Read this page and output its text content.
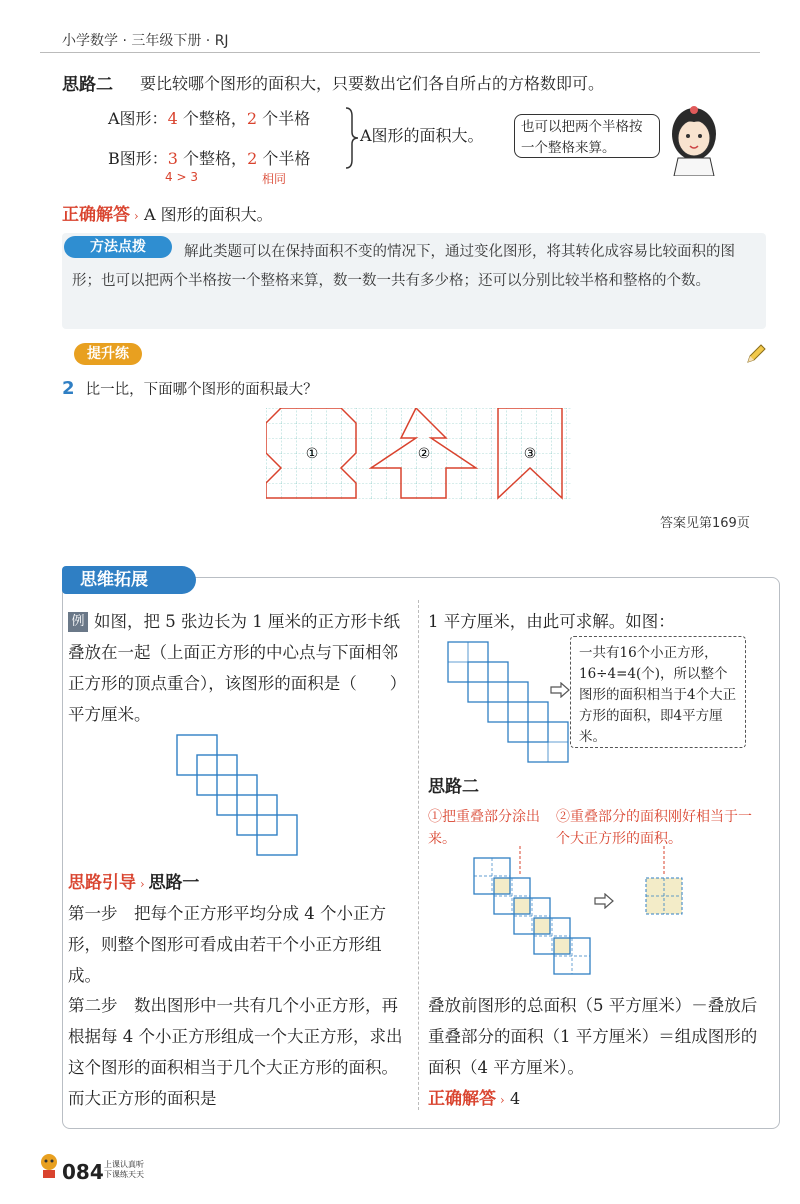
小学数学 · 三年级下册 · RJ
思路二 要比较哪个图形的面积大，只要数出它们各自所占的方格数即可。
A图形：4 个整格，2 个半格
B图形：3 个整格，2 个半格
4 > 3	相同
A图形的面积大。	也可以把两个半格按一个整格来算。
正确解答 › A 图形的面积大。
解此类题可以在保持面积不变的情况下，通过变化图形，将其转化成容易比较面积的图形；也可以把两个半格按一个整格来算，数一数一共有多少格；还可以分别比较半格和整格的个数。
方法点拨
提升练
2 比一比，下面哪个图形的面积最大？
①	②	③
答案见第169页
思维拓展
例 如图，把 5 张边长为 1 厘米的正方形卡纸叠放在一起（上面正方形的中心点与下面相邻正方形的顶点重合），该图形的面积是（　　）平方厘米。
思路引导 › 思路一
第一步　把每个正方形平均分成 4 个小正方形，则整个图形可看成由若干个小正方形组成。
第二步　数出图形中一共有几个小正方形，再根据每 4 个小正方形组成一个大正方形，求出这个图形的面积相当于几个大正方形的面积。而大正方形的面积是
1 平方厘米，由此可求解。如图：
一共有16个小正方形，16÷4=4(个)，所以整个图形的面积相当于4个大正方形的面积，即4平方厘米。
思路二
①把重叠部分涂出来。
②重叠部分的面积刚好相当于一个大正方形的面积。
叠放前图形的总面积（5 平方厘米）－叠放后重叠部分的面积（1 平方厘米）＝组成图形的面积（4 平方厘米）。
正确解答 › 4
084 上课认真听 下课练天天
